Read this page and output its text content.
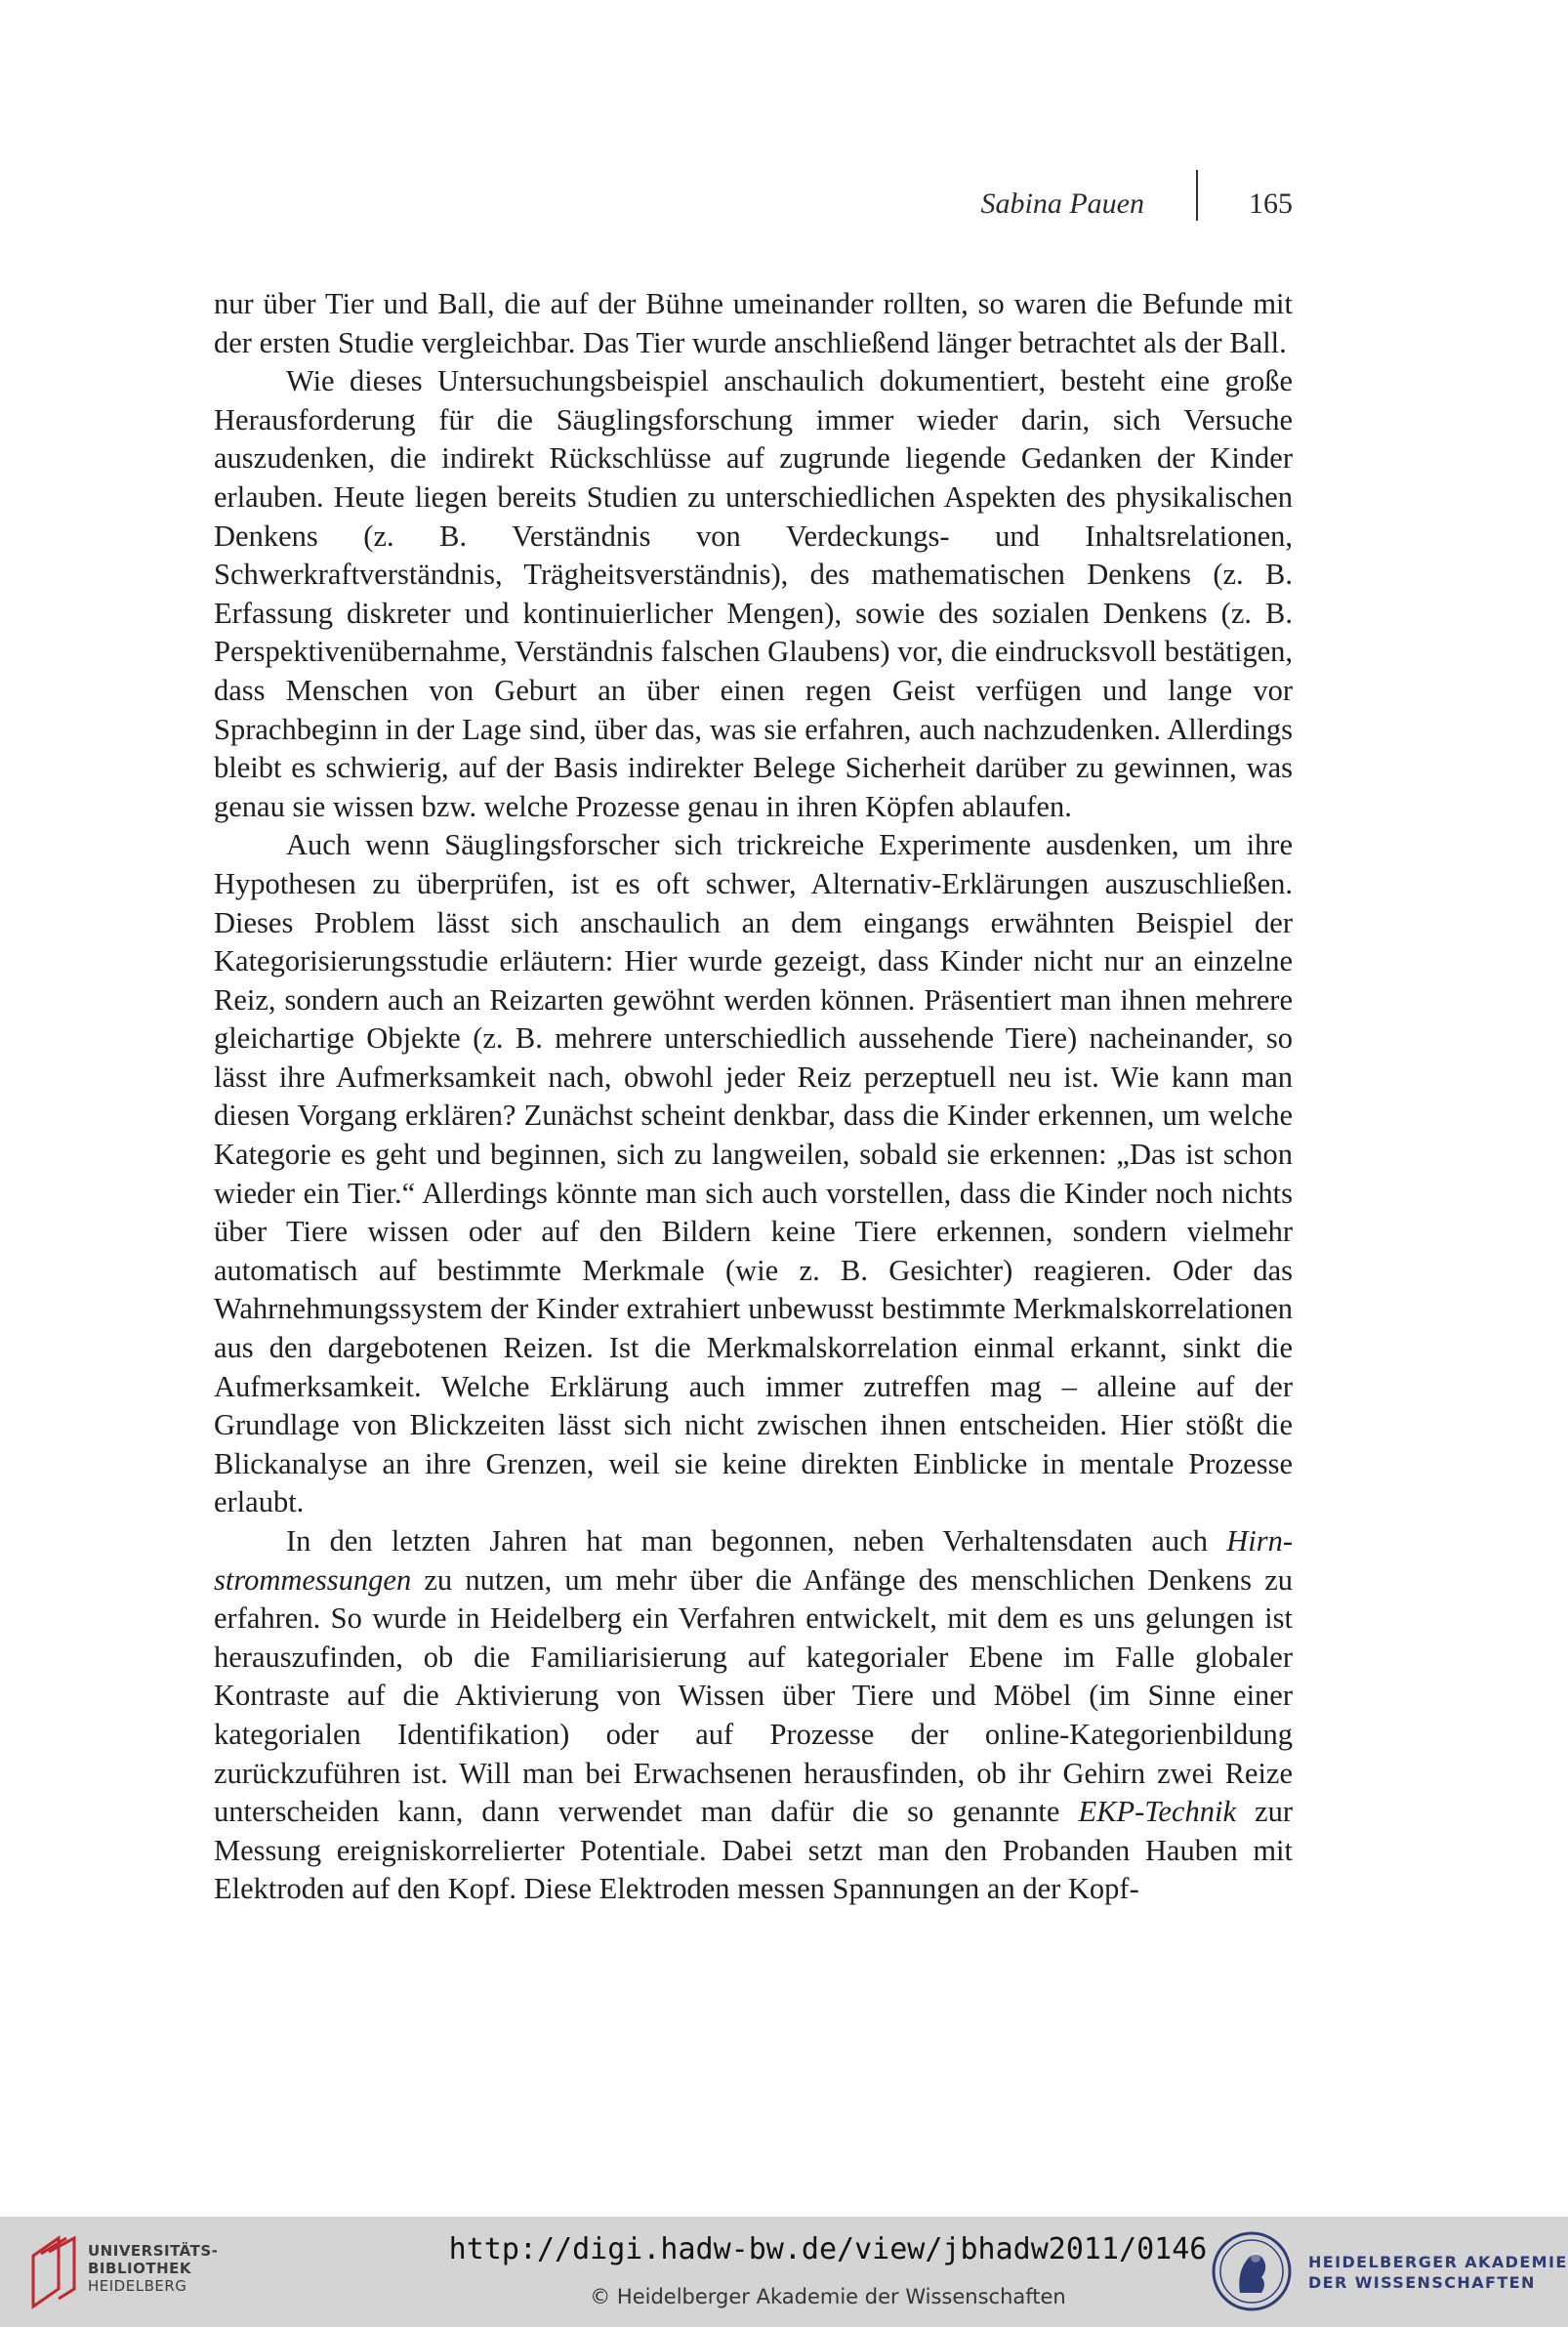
Sabina Pauen	165

nur über Tier und Ball, die auf der Bühne umeinander rollten, so waren die Befunde mit der ersten Studie vergleichbar. Das Tier wurde anschließend länger betrachtet als der Ball.

Wie dieses Untersuchungsbeispiel anschaulich dokumentiert, besteht eine große Herausforderung für die Säuglingsforschung immer wieder darin, sich Versuche auszudenken, die indirekt Rückschlüsse auf zugrunde liegende Gedanken der Kinder erlauben. Heute liegen bereits Studien zu unterschiedlichen Aspekten des physikalischen Denkens (z. B. Verständnis von Verdeckungs- und Inhaltsrelationen, Schwerkraftverständnis, Trägheitsverständnis), des mathematischen Denkens (z. B. Erfassung diskreter und kontinuierlicher Mengen), sowie des sozialen Denkens (z. B. Perspektivenübernahme, Verständnis falschen Glaubens) vor, die eindrucksvoll bestätigen, dass Menschen von Geburt an über einen regen Geist verfügen und lange vor Sprachbeginn in der Lage sind, über das, was sie erfahren, auch nachzudenken. Allerdings bleibt es schwierig, auf der Basis indirekter Belege Sicherheit darüber zu gewinnen, was genau sie wissen bzw. welche Prozesse genau in ihren Köpfen ablaufen.

Auch wenn Säuglingsforscher sich trickreiche Experimente ausdenken, um ihre Hypothesen zu überprüfen, ist es oft schwer, Alternativ-Erklärungen auszuschließen. Dieses Problem lässt sich anschaulich an dem eingangs erwähnten Beispiel der Kategorisierungsstudie erläutern: Hier wurde gezeigt, dass Kinder nicht nur an einzelne Reiz, sondern auch an Reizarten gewöhnt werden können. Präsentiert man ihnen mehrere gleichartige Objekte (z. B. mehrere unterschiedlich aussehende Tiere) nacheinander, so lässt ihre Aufmerksamkeit nach, obwohl jeder Reiz perzeptuell neu ist. Wie kann man diesen Vorgang erklären? Zunächst scheint denkbar, dass die Kinder erkennen, um welche Kategorie es geht und beginnen, sich zu langweilen, sobald sie erkennen: „Das ist schon wieder ein Tier.“ Allerdings könnte man sich auch vorstellen, dass die Kinder noch nichts über Tiere wissen oder auf den Bildern keine Tiere erkennen, sondern vielmehr automatisch auf bestimmte Merkmale (wie z. B. Gesichter) reagieren. Oder das Wahrnehmungssystem der Kinder extrahiert unbewusst bestimmte Merkmalskorrelationen aus den dargebotenen Reizen. Ist die Merkmalskorrelation einmal erkannt, sinkt die Aufmerksamkeit. Welche Erklärung auch immer zutreffen mag – alleine auf der Grundlage von Blickzeiten lässt sich nicht zwischen ihnen entscheiden. Hier stößt die Blickanalyse an ihre Grenzen, weil sie keine direkten Einblicke in mentale Prozesse erlaubt.

In den letzten Jahren hat man begonnen, neben Verhaltensdaten auch Hirnstrommessungen zu nutzen, um mehr über die Anfänge des menschlichen Denkens zu erfahren. So wurde in Heidelberg ein Verfahren entwickelt, mit dem es uns gelungen ist herauszufinden, ob die Familiarisierung auf kategorialer Ebene im Falle globaler Kontraste auf die Aktivierung von Wissen über Tiere und Möbel (im Sinne einer kategorialen Identifikation) oder auf Prozesse der online-Kategorienbildung zurückzuführen ist. Will man bei Erwachsenen herausfinden, ob ihr Gehirn zwei Reize unterscheiden kann, dann verwendet man dafür die so genannte EKP-Technik zur Messung ereigniskorrelierter Potentiale. Dabei setzt man den Probanden Hauben mit Elektroden auf den Kopf. Diese Elektroden messen Spannungen an der Kopf-

UNIVERSITÄTS-
BIBLIOTHEK
HEIDELBERG
http://digi.hadw-bw.de/view/jbhadw2011/0146
© Heidelberger Akademie der Wissenschaften
HEIDELBERGER AKADEMIE
DER WISSENSCHAFTEN
